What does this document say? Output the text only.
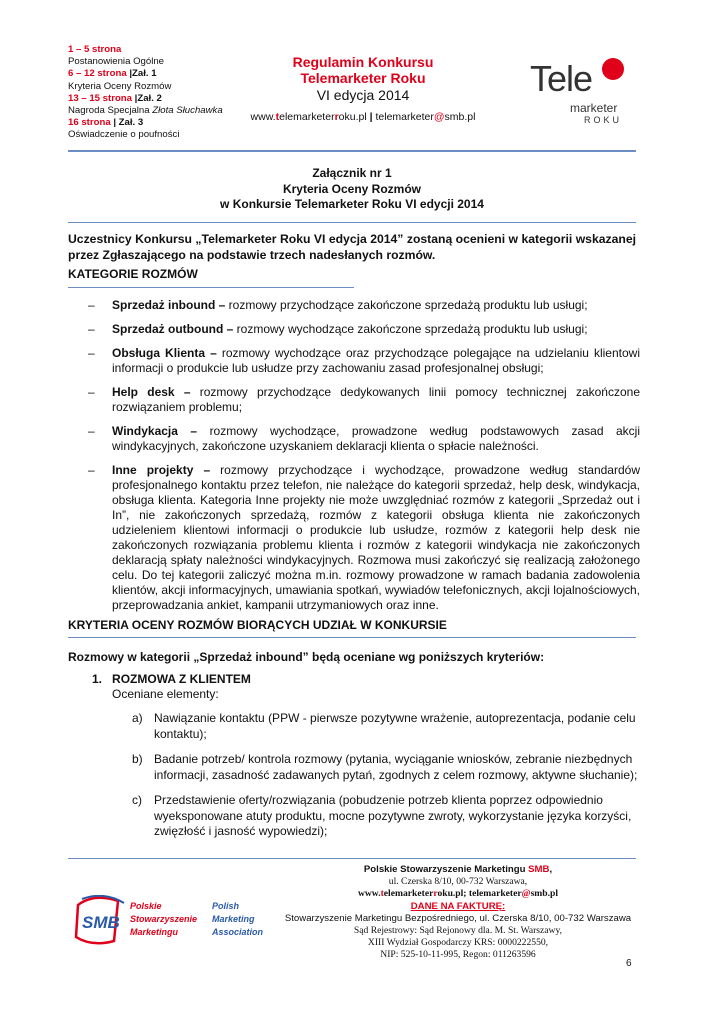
1 – 5 strona
Postanowienia Ogólne
6 – 12 strona |Zał. 1
Kryteria Oceny Rozmów
13 – 15 strona |Zał. 2
Nagroda Specjalna Złota Słuchawka
16 strona | Zał. 3
Oświadczenie o poufności
Regulamin Konkursu
Telemarketer Roku
VI edycja 2014
www.telemarketerroku.pl | telemarketer@smb.pl
Tele
marketer
ROKU
Załącznik nr 1
Kryteria Oceny Rozmów
w Konkursie Telemarketer Roku VI edycji 2014
Uczestnicy Konkursu „Telemarketer Roku VI edycja 2014” zostaną ocenieni w kategorii wskazanej przez Zgłaszającego na podstawie trzech nadesłanych rozmów.
KATEGORIE ROZMÓW
– Sprzedaż inbound – rozmowy przychodzące zakończone sprzedażą produktu lub usługi;
– Sprzedaż outbound – rozmowy wychodzące zakończone sprzedażą produktu lub usługi;
– Obsługa Klienta – rozmowy wychodzące oraz przychodzące polegające na udzielaniu klientowi informacji o produkcie lub usłudze przy zachowaniu zasad profesjonalnej obsługi;
– Help desk – rozmowy przychodzące dedykowanych linii pomocy technicznej zakończone rozwiązaniem problemu;
– Windykacja – rozmowy wychodzące, prowadzone według podstawowych zasad akcji windykacyjnych, zakończone uzyskaniem deklaracji klienta o spłacie należności.
– Inne projekty – rozmowy przychodzące i wychodzące, prowadzone według standardów profesjonalnego kontaktu przez telefon, nie należące do kategorii sprzedaż, help desk, windykacja, obsługa klienta. Kategoria Inne projekty nie może uwzględniać rozmów z kategorii „Sprzedaż out i In”, nie zakończonych sprzedażą, rozmów z kategorii obsługa klienta nie zakończonych udzieleniem klientowi informacji o produkcie lub usłudze, rozmów z kategorii help desk nie zakończonych rozwiązania problemu klienta i rozmów z kategorii windykacja nie zakończonych deklaracją spłaty należności windykacyjnych. Rozmowa musi zakończyć się realizacją założonego celu. Do tej kategorii zaliczyć można m.in. rozmowy prowadzone w ramach badania zadowolenia klientów, akcji informacyjnych, umawiania spotkań, wywiadów telefonicznych, akcji lojalnościowych, przeprowadzania ankiet, kampanii utrzymaniowych oraz inne.
KRYTERIA OCENY ROZMÓW BIORĄCYCH UDZIAŁ W KONKURSIE
Rozmowy w kategorii „Sprzedaż inbound” będą oceniane wg poniższych kryteriów:
1. ROZMOWA Z KLIENTEM
Oceniane elementy:
a) Nawiązanie kontaktu (PPW - pierwsze pozytywne wrażenie, autoprezentacja, podanie celu kontaktu);
b) Badanie potrzeb/ kontrola rozmowy (pytania, wyciąganie wniosków, zebranie niezbędnych informacji, zasadność zadawanych pytań, zgodnych z celem rozmowy, aktywne słuchanie);
c) Przedstawienie oferty/rozwiązania (pobudzenie potrzeb klienta poprzez odpowiednio wyeksponowane atuty produktu, mocne pozytywne zwroty, wykorzystanie języka korzyści, zwięzłość i jasność wypowiedzi);
SMB
Polskie
Stowarzyszenie
Marketingu
Polish
Marketing
Association
Polskie Stowarzyszenie Marketingu SMB,
ul. Czerska 8/10, 00-732 Warszawa,
www.telemarketerroku.pl; telemarketer@smb.pl
DANE NA FAKTURĘ:
Stowarzyszenie Marketingu Bezpośredniego, ul. Czerska 8/10, 00-732 Warszawa
Sąd Rejestrowy: Sąd Rejonowy dla. M. St. Warszawy,
XIII Wydział Gospodarczy KRS: 0000222550,
NIP: 525-10-11-995, Regon: 011263596
6
